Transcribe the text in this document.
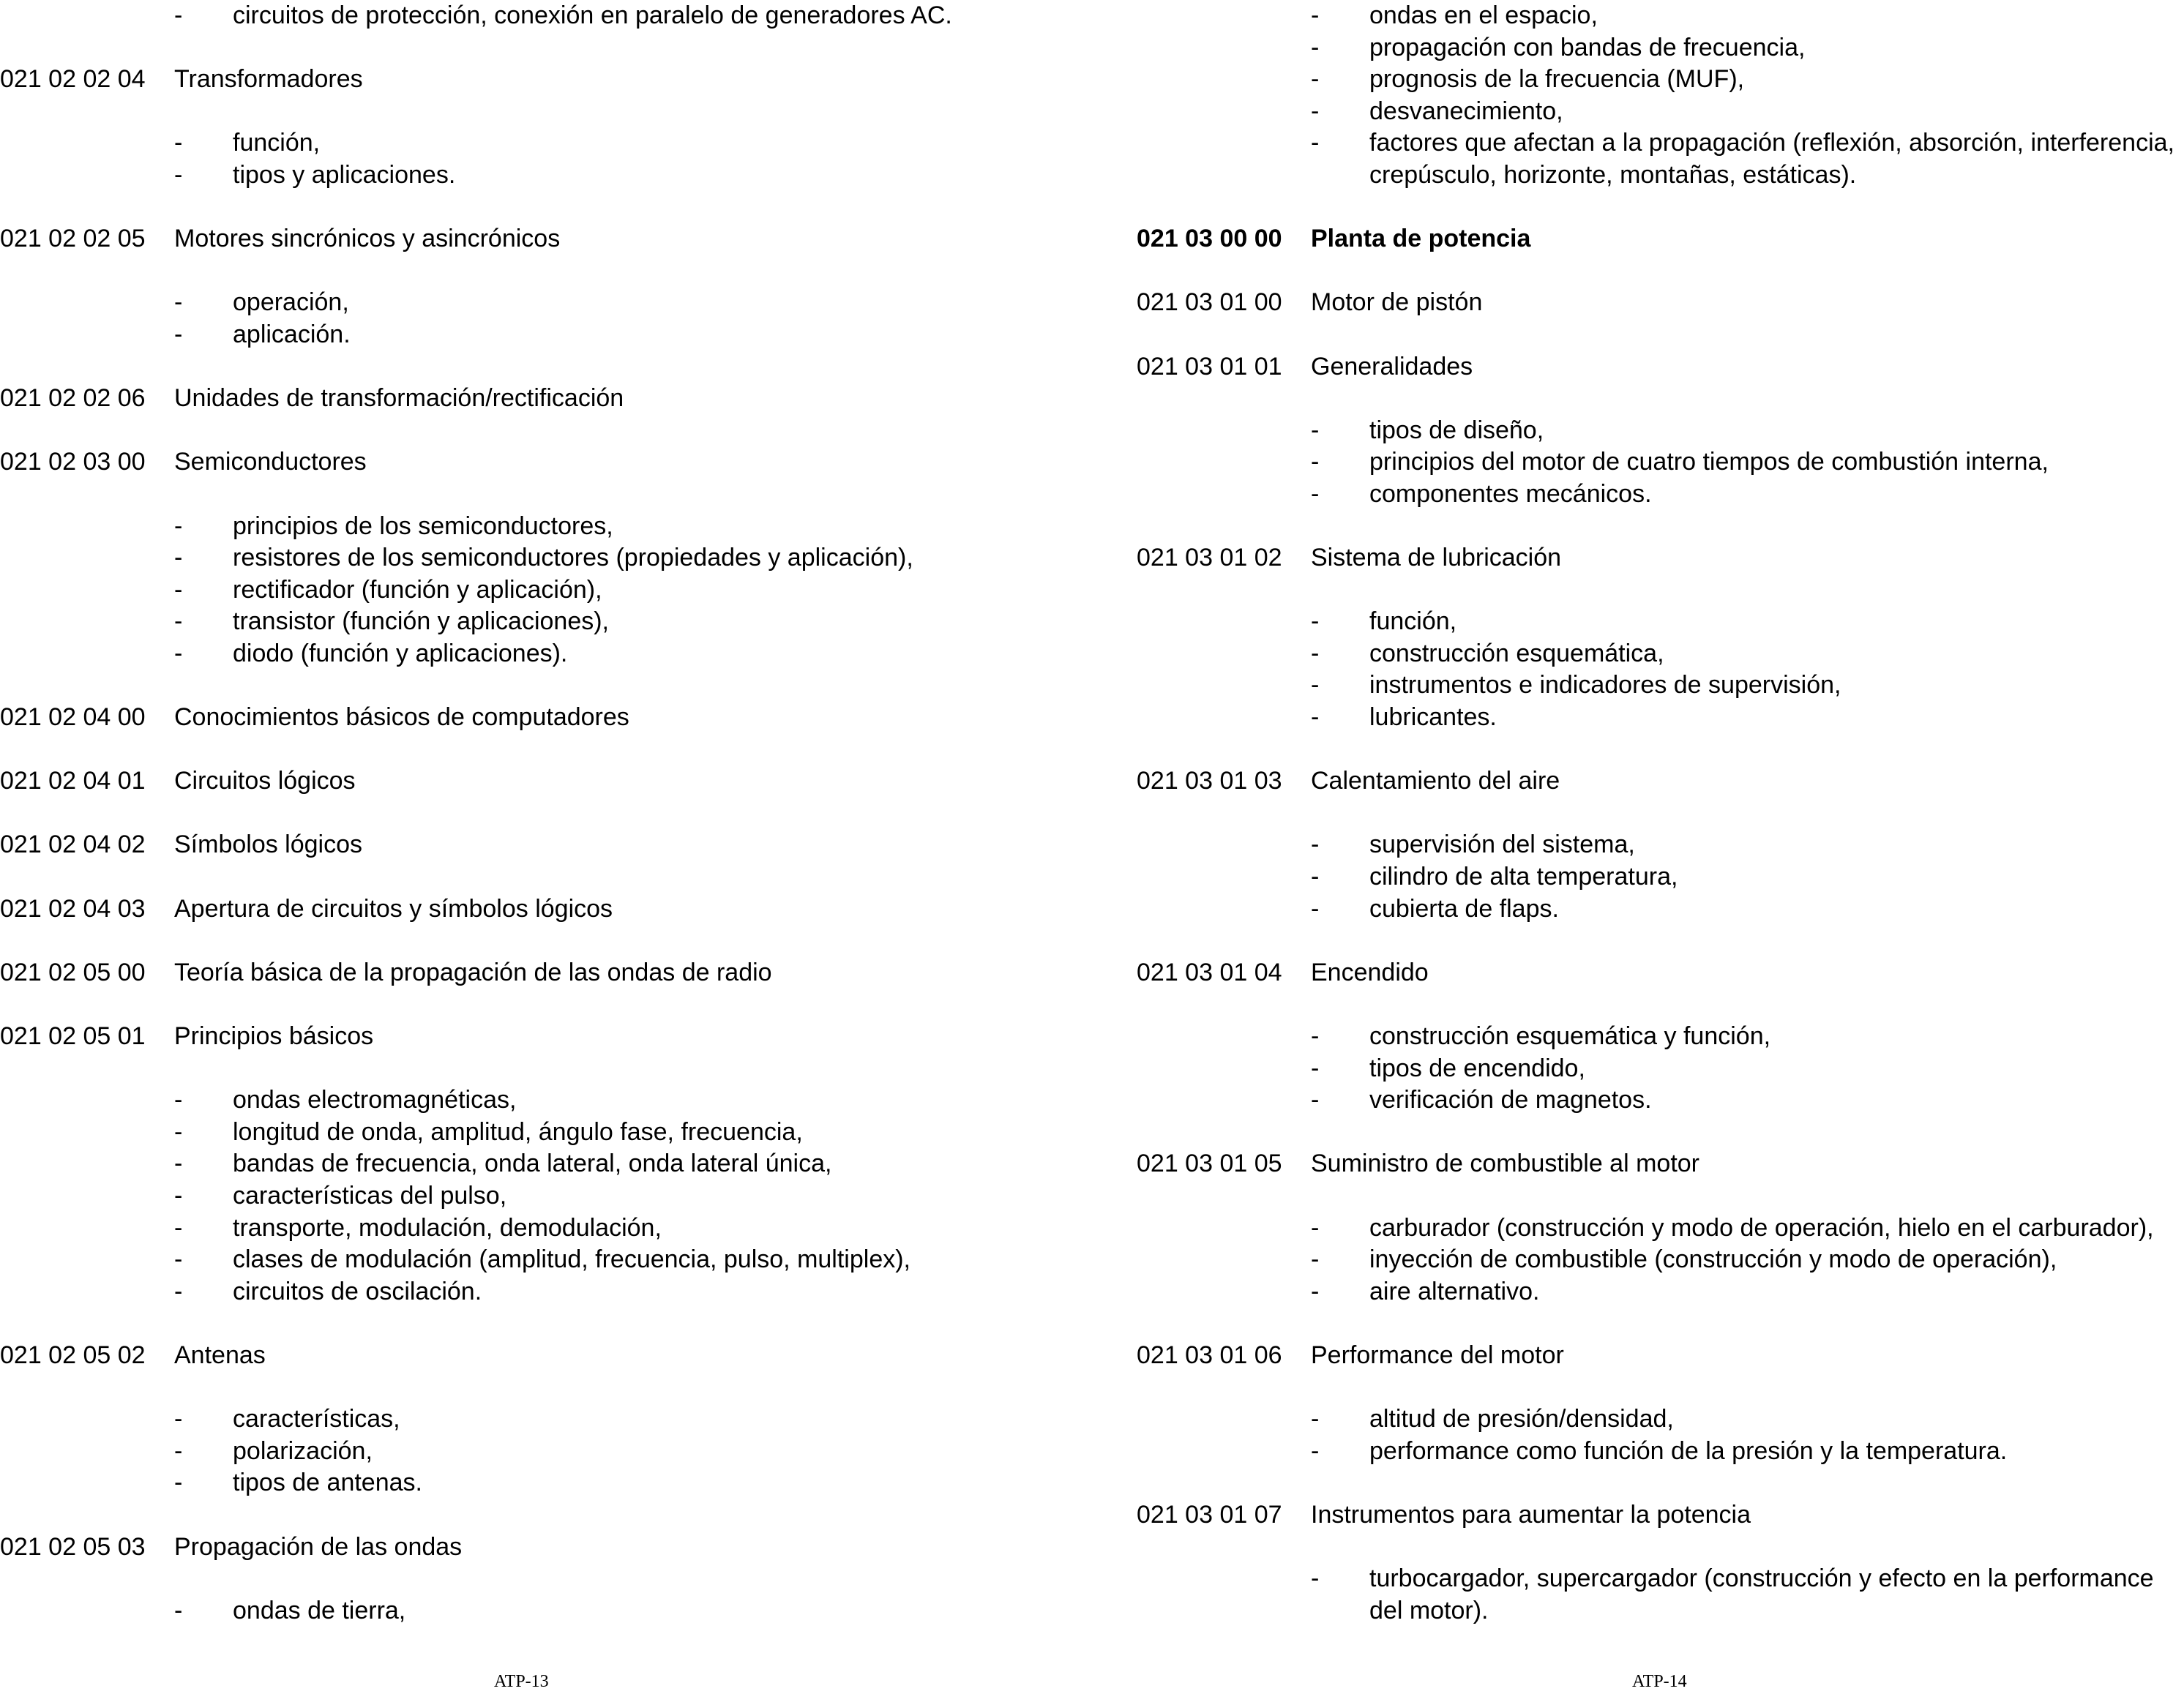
-	circuitos de protección, conexión en paralelo de generadores AC.
021 02 02 04	Transformadores
-	función,
-	tipos y aplicaciones.
021 02 02 05	Motores sincrónicos y asincrónicos
-	operación,
-	aplicación.
021 02 02 06	Unidades de transformación/rectificación
021 02 03 00	Semiconductores
-	principios de los semiconductores,
-	resistores de los semiconductores (propiedades y aplicación),
-	rectificador (función y aplicación),
-	transistor (función y aplicaciones),
-	diodo (función y aplicaciones).
021 02 04 00	Conocimientos básicos de computadores
021 02 04 01	Circuitos lógicos
021 02 04 02	Símbolos lógicos
021 02 04 03	Apertura de circuitos y símbolos lógicos
021 02 05 00	Teoría básica de la propagación de las ondas de radio
021 02 05 01	Principios básicos
-	ondas electromagnéticas,
-	longitud de onda, amplitud, ángulo fase, frecuencia,
-	bandas de frecuencia, onda lateral, onda lateral única,
-	características del pulso,
-	transporte, modulación, demodulación,
-	clases de modulación (amplitud, frecuencia, pulso, multiplex),
-	circuitos de oscilación.
021 02 05 02	Antenas
-	características,
-	polarización,
-	tipos de antenas.
021 02 05 03	Propagación de las ondas
-	ondas de tierra,
-	ondas en el espacio,
-	propagación con bandas de frecuencia,
-	prognosis de la frecuencia (MUF),
-	desvanecimiento,
-	factores que afectan a la propagación (reflexión, absorción, interferencia, crepúsculo, horizonte, montañas, estáticas).
021 03 00 00	Planta de potencia
021 03 01 00	Motor de pistón
021 03 01 01	Generalidades
-	tipos de diseño,
-	principios del motor de cuatro tiempos de combustión interna,
-	componentes mecánicos.
021 03 01 02	Sistema de lubricación
-	función,
-	construcción esquemática,
-	instrumentos e indicadores de supervisión,
-	lubricantes.
021 03 01 03	Calentamiento del aire
-	supervisión del sistema,
-	cilindro de alta temperatura,
-	cubierta de flaps.
021 03 01 04	Encendido
-	construcción esquemática y función,
-	tipos de encendido,
-	verificación de magnetos.
021 03 01 05	Suministro de combustible al motor
-	carburador (construcción y modo de operación, hielo en el carburador),
-	inyección de combustible (construcción y modo de operación),
-	aire alternativo.
021 03 01 06	Performance del motor
-	altitud de presión/densidad,
-	performance como función de la presión y la temperatura.
021 03 01 07	Instrumentos para aumentar la potencia
-	turbocargador, supercargador (construcción y efecto en la performance del motor).
ATP-13	ATP-14
